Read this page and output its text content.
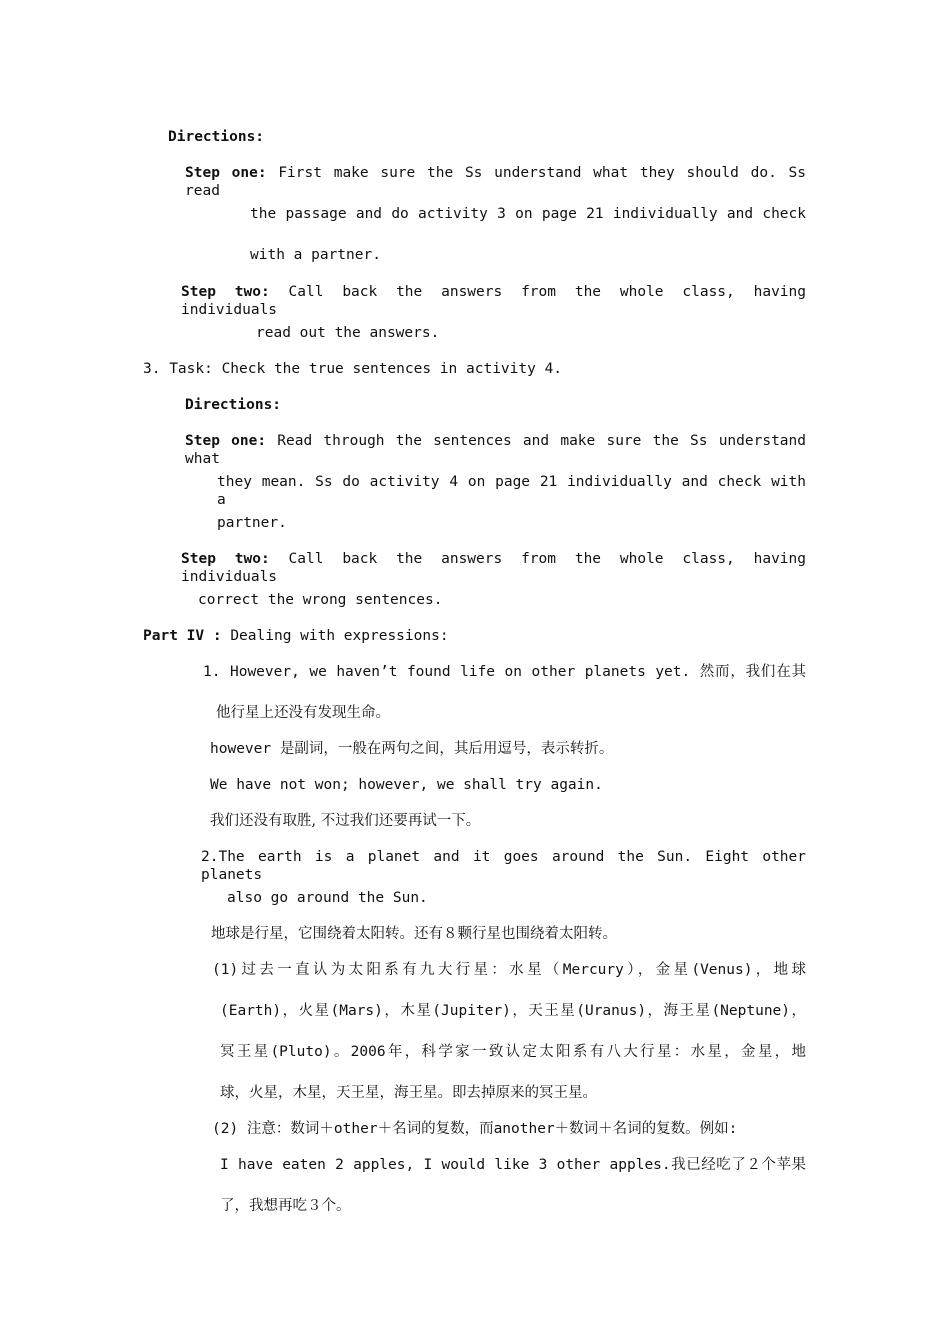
Directions:
Step one: First make sure the Ss understand what they should do. Ss read
the passage and do activity 3 on page 21 individually and check
with a partner.
Step two: Call back the answers from the whole class, having individuals
read out the answers.
3. Task: Check the true sentences in activity 4.
Directions:
Step one: Read through the sentences and make sure the Ss understand what
they mean. Ss do activity 4 on page 21 individually and check with a
partner.
Step two: Call back the answers from the whole class, having individuals
correct the wrong sentences.
Part IV : Dealing with expressions:
1. However, we haven’t found life on other planets yet. 然而，我们在其
他行星上还没有发现生命。
however 是副词，一般在两句之间，其后用逗号，表示转折。
We have not won; however, we shall try again.
我们还没有取胜, 不过我们还要再试一下。
2.The earth is a planet and it goes around the Sun. Eight other planets
also go around the Sun.
地球是行星，它围绕着太阳转。还有８颗行星也围绕着太阳转。
(1)过去一直认为太阳系有九大行星：水星（Mercury），金星(Venus)，地球
(Earth)，火星(Mars)，木星(Jupiter)，天王星(Uranus)，海王星(Neptune)，
冥王星(Pluto)。2006年，科学家一致认定太阳系有八大行星：水星，金星，地
球，火星，木星，天王星，海王星。即去掉原来的冥王星。
(2) 注意：数词＋other＋名词的复数，而another＋数词＋名词的复数。例如:
I have eaten 2 apples, I would like 3 other apples.我已经吃了２个苹果
了，我想再吃３个。
